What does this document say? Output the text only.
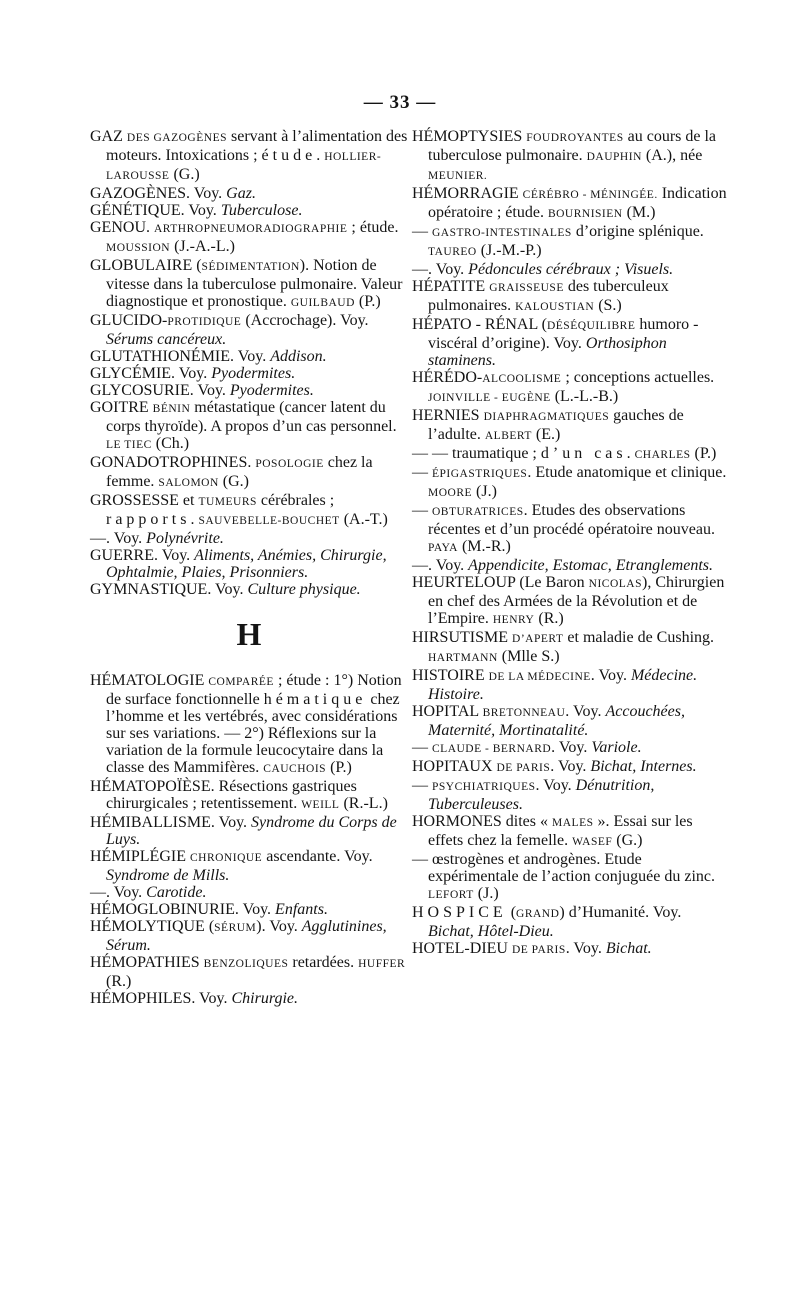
— 33 —

GAZ DES GAZOGÈNES servant à l’alimentation des moteurs. Intoxications ; étude. HOLLIER-LAROUSSE (G.)

GAZOGÈNES. Voy. Gaz.

GÉNÉTIQUE. Voy. Tuberculose.

GENOU. ARTHROPNEUMORADIOGRAPHIE ; étude. MOUSSION (J.-A.-L.)

GLOBULAIRE (SÉDIMENTATION). Notion de vitesse dans la tuberculose pulmonaire. Valeur diagnostique et pronostique. GUILBAUD (P.)

GLUCIDO-PROTIDIQUE (Accrochage). Voy. Sérums cancéreux.

GLUTATHIONÉMIE. Voy. Addison.

GLYCÉMIE. Voy. Pyodermites.

GLYCOSURIE. Voy. Pyodermites.

GOITRE BÉNIN métastatique (cancer latent du corps thyroïde). A propos d’un cas personnel. LE TIEC (Ch.)

GONADOTROPHINES. POSOLOGIE chez la femme. SALOMON (G.)

GROSSESSE et TUMEURS cérébrales ; rapports. SAUVEBELLE-BOUCHET (A.-T.)

—. Voy. Polynévrite.

GUERRE. Voy. Aliments, Anémies, Chirurgie, Ophtalmie, Plaies, Prisonniers.

GYMNASTIQUE. Voy. Culture physique.

H

HÉMATOLOGIE COMPARÉE ; étude : 1°) Notion de surface fonctionnelle hématique chez l’homme et les vertébrés, avec considérations sur ses variations. — 2°) Réflexions sur la variation de la formule leucocytaire dans la classe des Mammifères. CAUCHOIS (P.)

HÉMATOPOÏÈSE. Résections gastriques chirurgicales ; retentissement. WEILL (R.-L.)

HÉMIBALLISME. Voy. Syndrome du Corps de Luys.

HÉMIPLÉGIE CHRONIQUE ascendante. Voy. Syndrome de Mills.

—. Voy. Carotide.

HÉMOGLOBINURIE. Voy. Enfants.

HÉMOLYTIQUE (SÉRUM). Voy. Agglutinines, Sérum.

HÉMOPATHIES BENZOLIQUES retardées. HUFFER (R.)

HÉMOPHILES. Voy. Chirurgie.

HÉMOPTYSIES FOUDROYANTES au cours de la tuberculose pulmonaire. DAUPHIN (A.), née MEUNIER.

HÉMORRAGIE CÉRÉBRO - MÉNINGÉE. Indication opératoire ; étude. BOURNISIEN (M.)

— GASTRO-INTESTINALES d’origine splénique. TAUREO (J.-M.-P.)

—. Voy. Pédoncules cérébraux ; Visuels.

HÉPATITE GRAISSEUSE des tuberculeux pulmonaires. KALOUSTIAN (S.)

HÉPATO - RÉNAL (DÉSÉQUILIBRE humoro - viscéral d’origine). Voy. Orthosiphon staminens.

HÉRÉDO-ALCOOLISME ; conceptions actuelles. JOINVILLE - EUGÈNE (L.-L.-B.)

HERNIES DIAPHRAGMATIQUES gauches de l’adulte. ALBERT (E.)

— — traumatique ; d’un cas. CHARLES (P.)

— ÉPIGASTRIQUES. Etude anatomique et clinique. MOORE (J.)

— OBTURATRICES. Etudes des observations récentes et d’un procédé opératoire nouveau. PAYA (M.-R.)

—. Voy. Appendicite, Estomac, Etranglements.

HEURTELOUP (Le Baron NICOLAS), Chirurgien en chef des Armées de la Révolution et de l’Empire. HENRY (R.)

HIRSUTISME D’APERT et maladie de Cushing. HARTMANN (Mlle S.)

HISTOIRE DE LA MÉDECINE. Voy. Médecine. Histoire.

HOPITAL BRETONNEAU. Voy. Accouchées, Maternité, Mortinatalité.

— CLAUDE - BERNARD. Voy. Variole.

HOPITAUX DE PARIS. Voy. Bichat, Internes.

— PSYCHIATRIQUES. Voy. Dénutrition, Tuberculeuses.

HORMONES dites « MALES ». Essai sur les effets chez la femelle. WASEF (G.)

— œstrogènes et androgènes. Etude expérimentale de l’action conjuguée du zinc. LEFORT (J.)

HOSPICE (GRAND) d’Humanité. Voy. Bichat, Hôtel-Dieu.

HOTEL-DIEU DE PARIS. Voy. Bichat.
